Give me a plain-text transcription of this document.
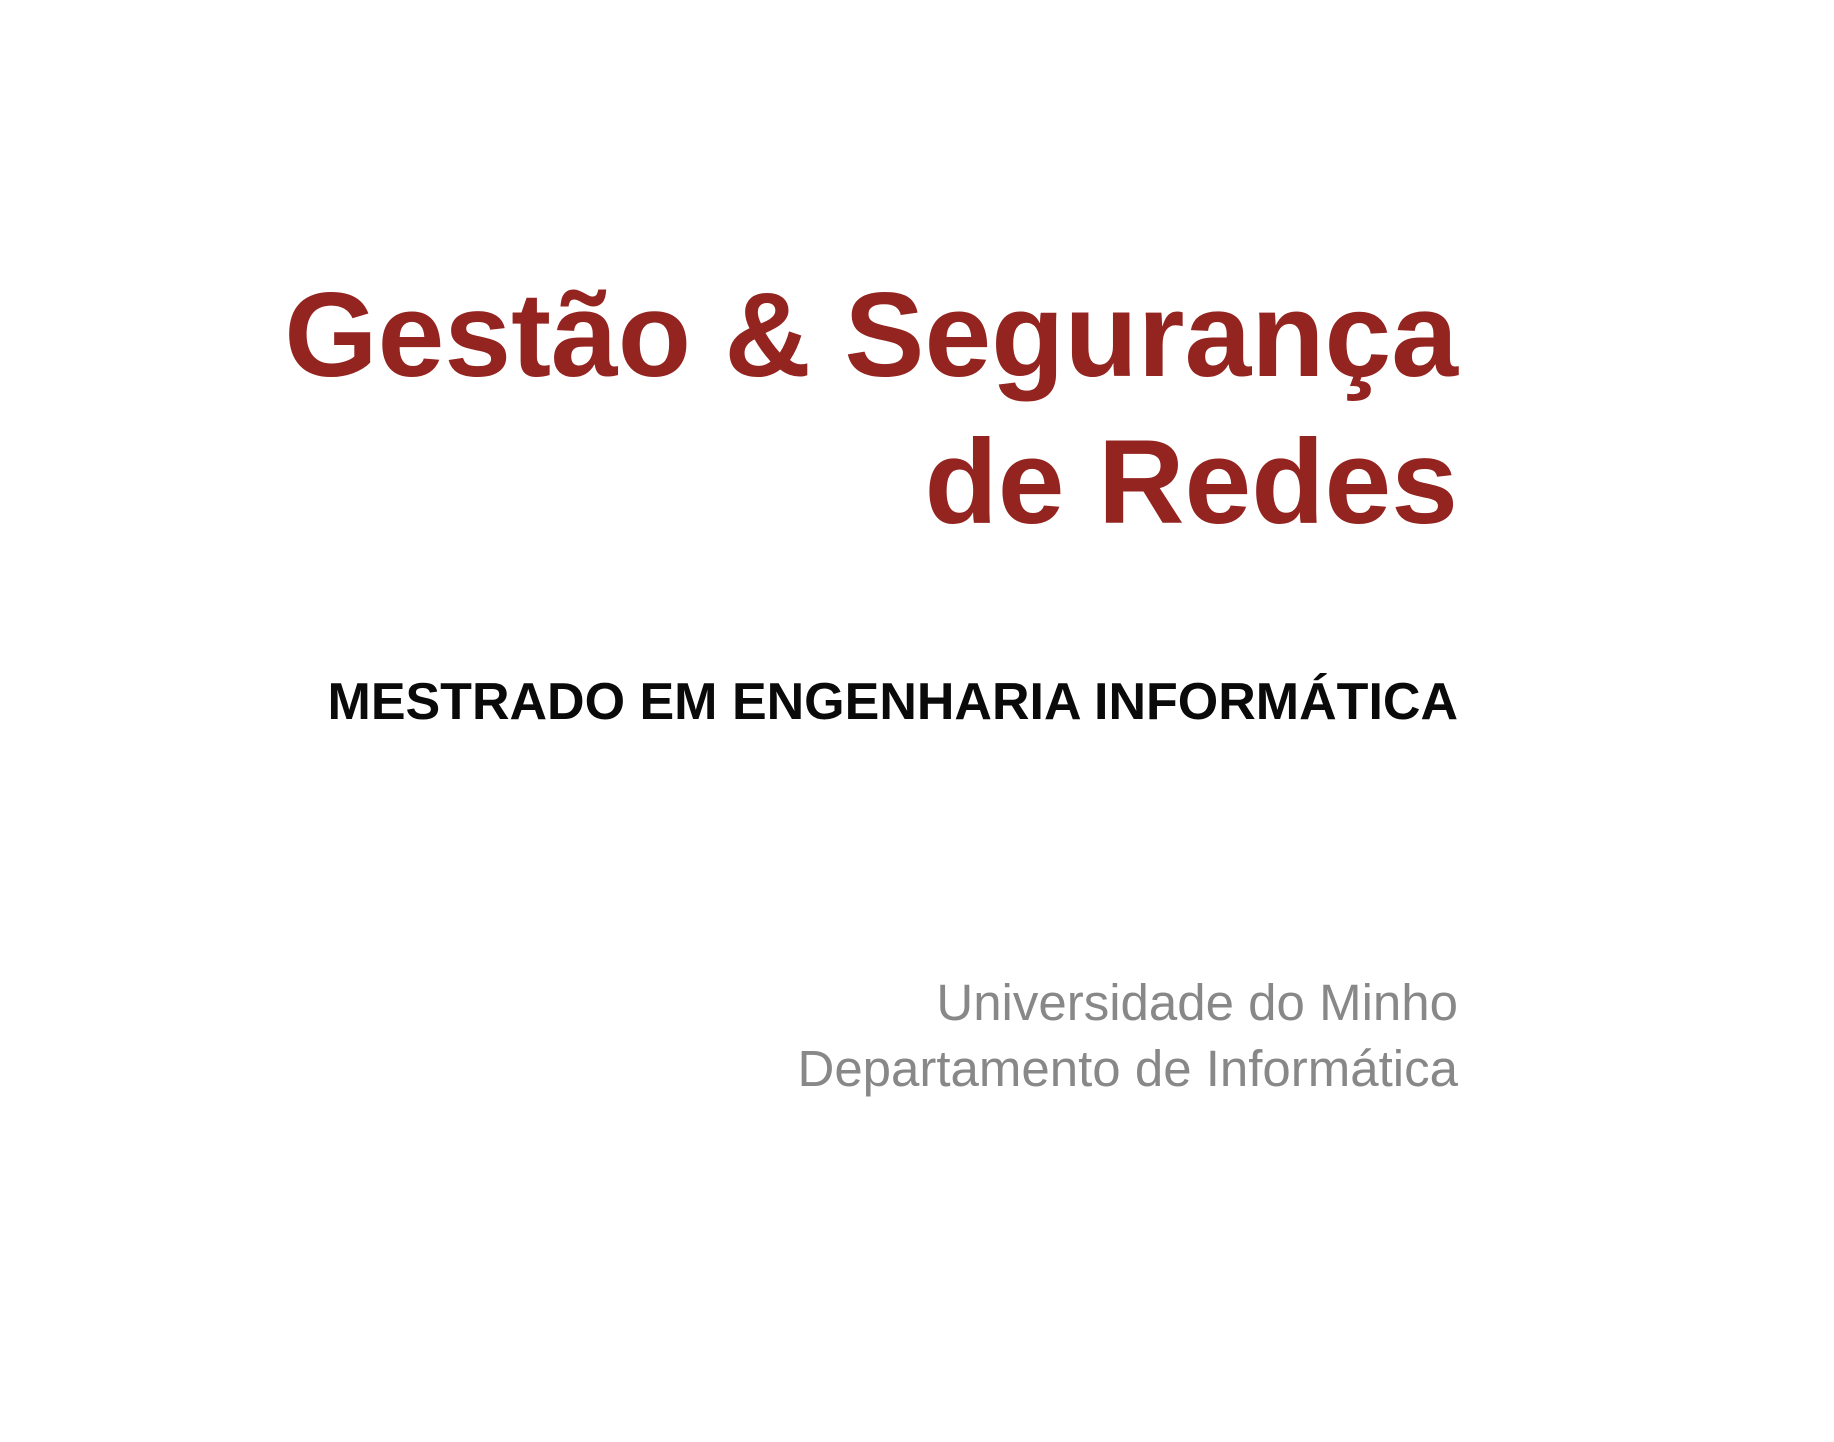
Gestão & Segurança
de Redes
MESTRADO EM ENGENHARIA INFORMÁTICA
Universidade do Minho
Departamento de Informática
